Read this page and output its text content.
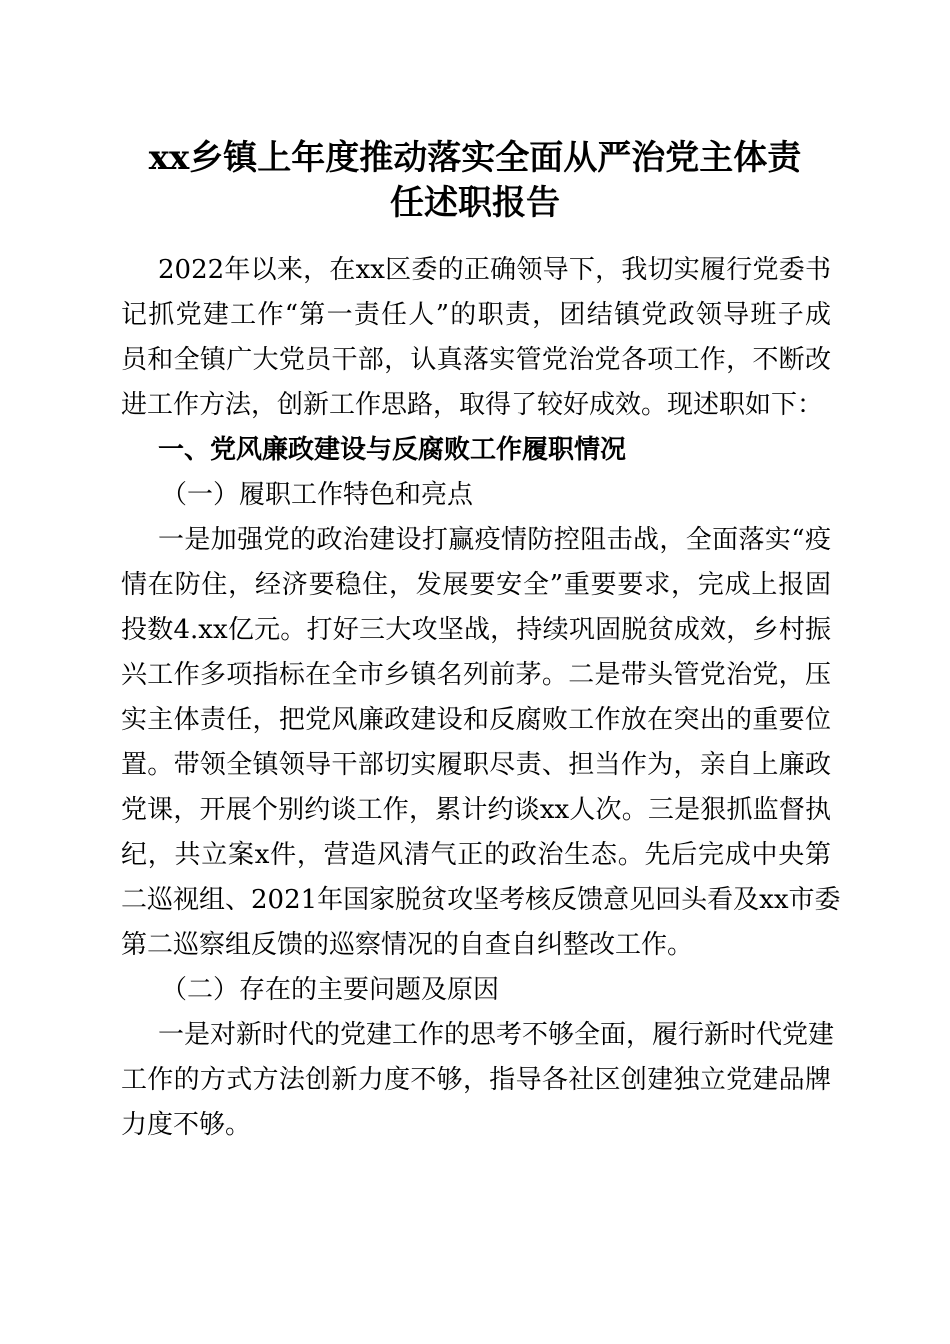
xx乡镇上年度推动落实全面从严治党主体责
任述职报告
2022年以来，在xx区委的正确领导下，我切实履行党委书
记抓党建工作“第一责任人”的职责，团结镇党政领导班子成
员和全镇广大党员干部，认真落实管党治党各项工作，不断改
进工作方法，创新工作思路，取得了较好成效。现述职如下：
一、党风廉政建设与反腐败工作履职情况
（一）履职工作特色和亮点
一是加强党的政治建设打赢疫情防控阻击战，全面落实“疫
情在防住，经济要稳住，发展要安全”重要要求，完成上报固
投数4.xx亿元。打好三大攻坚战，持续巩固脱贫成效，乡村振
兴工作多项指标在全市乡镇名列前茅。二是带头管党治党，压
实主体责任，把党风廉政建设和反腐败工作放在突出的重要位
置。带领全镇领导干部切实履职尽责、担当作为，亲自上廉政
党课，开展个别约谈工作，累计约谈xx人次。三是狠抓监督执
纪，共立案x件，营造风清气正的政治生态。先后完成中央第
二巡视组、2021年国家脱贫攻坚考核反馈意见回头看及xx市委
第二巡察组反馈的巡察情况的自查自纠整改工作。
（二）存在的主要问题及原因
一是对新时代的党建工作的思考不够全面，履行新时代党建
工作的方式方法创新力度不够，指导各社区创建独立党建品牌
力度不够。
